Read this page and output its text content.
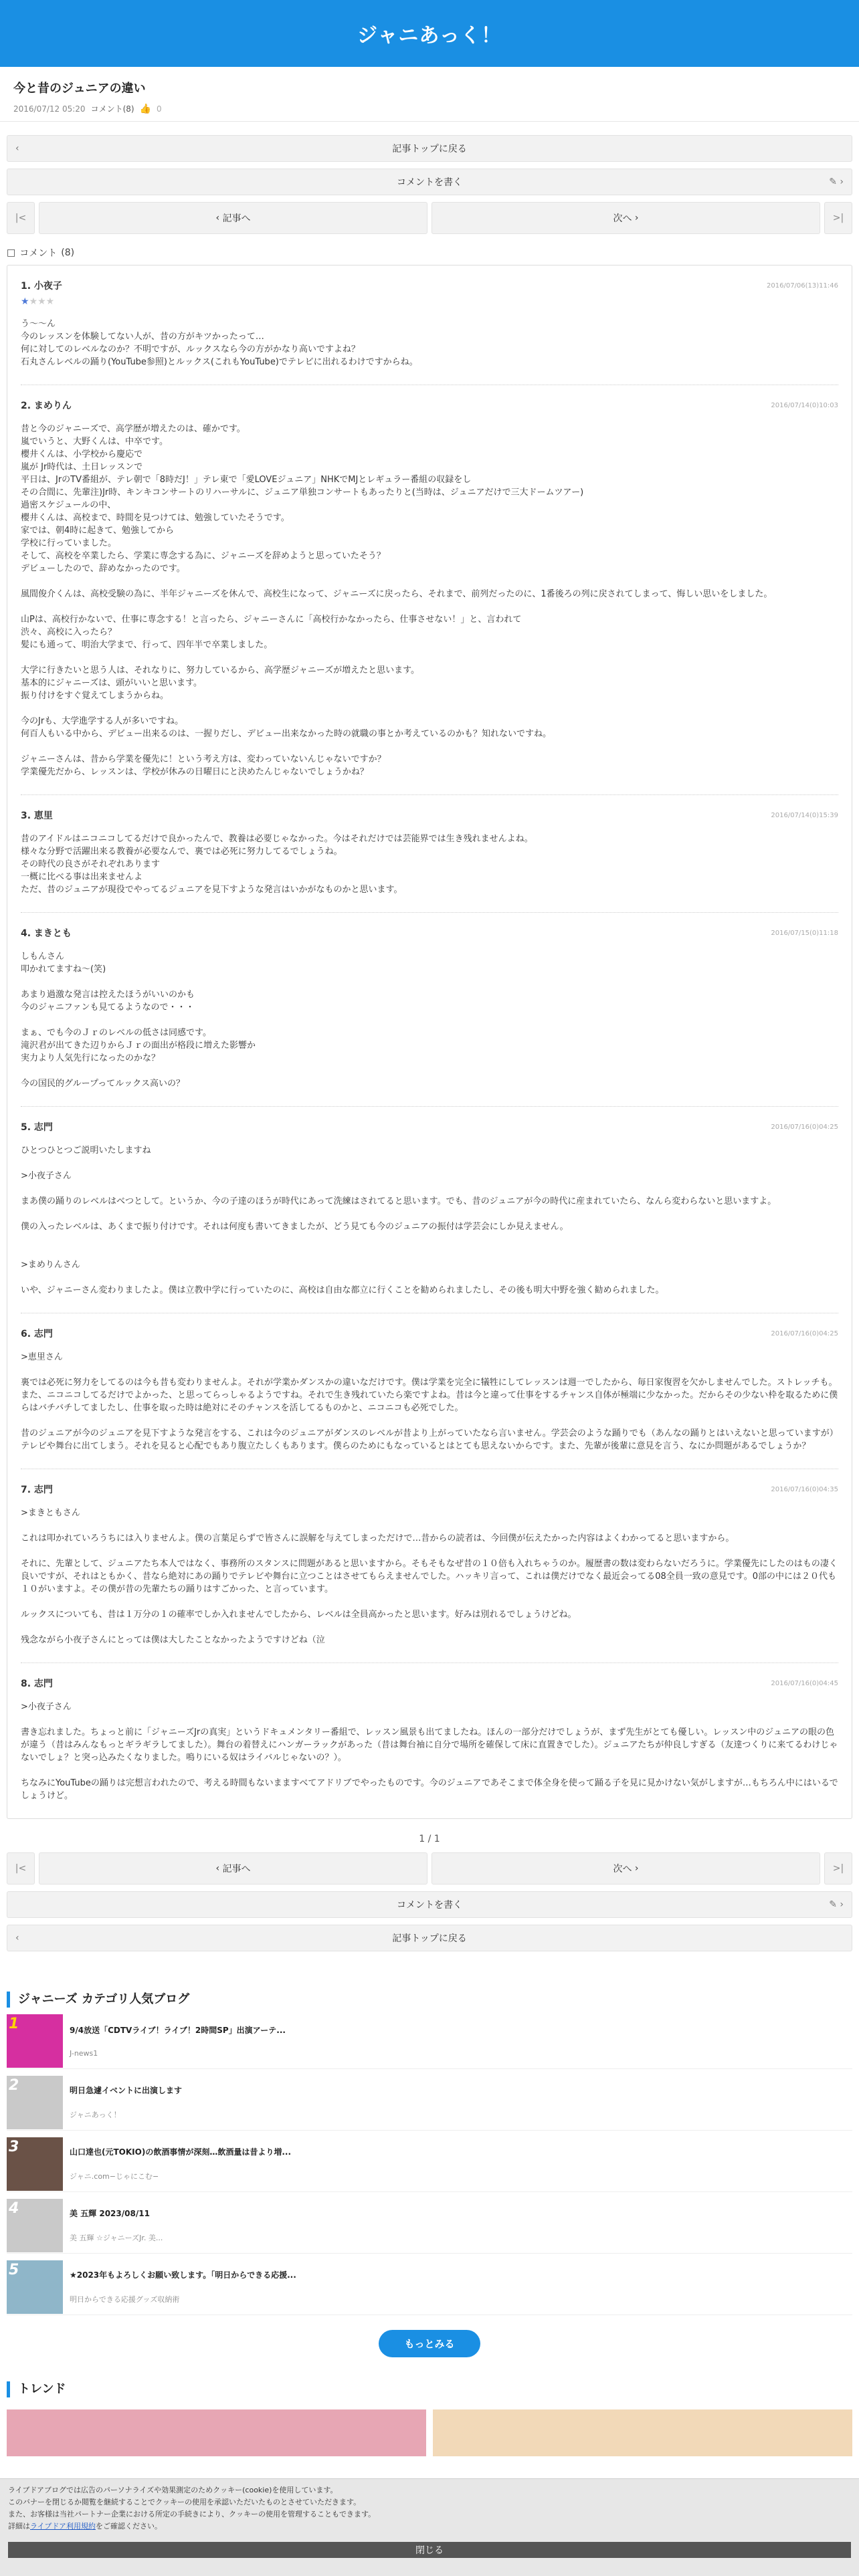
ジャニあっく！
今と昔のジュニアの違い
2016/07/12 05:20 コメント(8) 👍 0
‹	記事トップに戻る
コメントを書く	✎ ›
|<	‹ 記事へ	次へ ›	>|
□ コメント (8)
1. 小夜子	2016/07/06(13)11:46
★★★★
う〜〜ん
今のレッスンを体験してない人が、昔の方がキツかったって…
何に対してのレベルなのか？不明ですが、ルックスなら今の方がかなり高いですよね？
石丸さんレベルの踊り(YouTube参照)とルックス(これもYouTube)でテレビに出れるわけですからね。
2. まめりん	2016/07/14(0)10:03
昔と今のジャニーズで、高学歴が増えたのは、確かです。
嵐でいうと、大野くんは、中卒です。
櫻井くんは、小学校から慶応で
嵐が Jr時代は、土日レッスンで
平日は、JrのTV番組が、テレ朝で「8時だJ！」テレ東で「愛LOVEジュニア」NHKでMJとレギュラー番組の収録をし
その合間に、先輩注)Jr時、キンキコンサートのリハーサルに、ジュニア単独コンサートもあったりと(当時は、ジュニアだけで三大ドームツアー)
過密スケジュールの中、
櫻井くんは、高校まで、時間を見つけては、勉強していたそうです。
家では、朝4時に起きて、勉強してから
学校に行っていました。
そして、高校を卒業したら、学業に専念する為に、ジャニーズを辞めようと思っていたそう？
デビューしたので、辞めなかったのです。

風間俊介くんは、高校受験の為に、半年ジャニーズを休んで、高校生になって、ジャニーズに戻ったら、それまで、前列だったのに、1番後ろの列に戻されてしまって、悔しい思いをしました。

山Pは、高校行かないで、仕事に専念する！と言ったら、ジャニーさんに「高校行かなかったら、仕事させない！」と、言われて
渋々、高校に入ったら？
髪にも通って、明治大学まで、行って、四年半で卒業しました。

大学に行きたいと思う人は、それなりに、努力しているから、高学歴ジャニーズが増えたと思います。
基本的にジャニーズは、頭がいいと思います。
振り付けをすぐ覚えてしまうからね。

今のJrも、大学進学する人が多いですね。
何百人もいる中から、デビュー出来るのは、一握りだし、デビュー出来なかった時の就職の事とか考えているのかも？知れないですね。

ジャニーさんは、昔から学業を優先に！という考え方は、変わっていないんじゃないですか？
学業優先だから、レッスンは、学校が休みの日曜日にと決めたんじゃないでしょうかね？
3. 恵里	2016/07/14(0)15:39
昔のアイドルはニコニコしてるだけで良かったんで、教養は必要じゃなかった。今はそれだけでは芸能界では生き残れませんよね。
様々な分野で活躍出来る教養が必要なんで、裏では必死に努力してるでしょうね。
その時代の良さがそれぞれあります
一概に比べる事は出来ませんよ
ただ、昔のジュニアが現役でやってるジュニアを見下すような発言はいかがなものかと思います。
4. まきとも	2016/07/15(0)11:18
しもんさん
叩かれてますね〜(笑)

あまり過激な発言は控えたほうがいいのかも
今のジャニファンも見てるようなので・・・

まぁ、でも今のＪｒのレベルの低さは同感です。
滝沢君が出てきた辺りからＪｒの面出が格段に増えた影響か
実力より人気先行になったのかな？

今の国民的グループってルックス高いの？
5. 志門	2016/07/16(0)04:25
ひとつひとつご説明いたしますね

>小夜子さん

まあ僕の踊りのレベルはべつとして。というか、今の子達のほうが時代にあって洗練はされてると思います。でも、昔のジュニアが今の時代に産まれていたら、なんら変わらないと思いますよ。

僕の入ったレベルは、あくまで振り付けです。それは何度も書いてきましたが、どう見ても今のジュニアの振付は学芸会にしか見えません。

>まめりんさん

いや、ジャニーさん変わりましたよ。僕は立教中学に行っていたのに、高校は自由な都立に行くことを勧められましたし、その後も明大中野を強く勧められました。
6. 志門	2016/07/16(0)04:25
>恵里さん

裏では必死に努力をしてるのは今も昔も変わりませんよ。それが学業かダンスかの違いなだけです。僕は学業を完全に犠牲にしてレッスンは週一でしたから、毎日家復習を欠かしませんでした。ストレッチも。
また、ニコニコしてるだけでよかった、と思ってらっしゃるようですね。それで生き残れていたら楽ですよね。昔は今と違って仕事をするチャンス自体が極端に少なかった。だからその少ない枠を取るために僕らはバチバチしてましたし、仕事を取った時は絶対にそのチャンスを活してるものかと、ニコニコも必死でした。

昔のジュニアが今のジュニアを見下すような発言をする、これは今のジュニアがダンスのレベルが昔より上がっていたなら言いません。学芸会のような踊りでも（あんなの踊りとはいえないと思っていますが）テレビや舞台に出てしまう。それを見ると心配でもあり腹立たしくもあります。僕らのためにもなっているとはとても思えないからです。また、先輩が後輩に意見を言う、なにか問題があるでしょうか？
7. 志門	2016/07/16(0)04:35
>まきともさん

これは叩かれていろうちには入りませんよ。僕の言葉足らずで皆さんに誤解を与えてしまっただけで…昔からの読者は、今回僕が伝えたかった内容はよくわかってると思いますから。

それに、先輩として、ジュニアたち本人ではなく、事務所のスタンスに問題があると思いますから。そもそもなぜ昔の１０倍も入れちゃうのか。履歴書の数は変わらないだろうに。学業優先にしたのはもの凄く良いですが、それはともかく、昔なら絶対にあの踊りでテレビや舞台に立つことはさせてもらえませんでした。ハッキリ言って、これは僕だけでなく最近会ってる08全員一致の意見です。0部の中には２０代も１０がいますよ。その僕が昔の先輩たちの踊りはすごかった、と言っています。

ルックスについても、昔は１万分の１の確率でしか入れませんでしたから、レベルは全員高かったと思います。好みは別れるでしょうけどね。

残念ながら小夜子さんにとっては僕は大したことなかったようですけどね（泣
8. 志門	2016/07/16(0)04:45
>小夜子さん

書き忘れました。ちょっと前に「ジャニーズJrの真実」というドキュメンタリー番組で、レッスン風景も出てましたね。ほんの一部分だけでしょうが、まず先生がとても優しい。レッスン中のジュニアの眼の色が違う（昔はみんなもっとギラギラしてました）。舞台の着替えにハンガーラックがあった（昔は舞台袖に自分で場所を確保して床に直置きでした）。ジュニアたちが仲良しすぎる（友達つくりに来てるわけじゃないでしょ？と突っ込みたくなりました。鳴りにいる奴はライバルじゃないの？）。

ちなみにYouTubeの踊りは完想言われたので、考える時間もないまますべてアドリブでやったものです。今のジュニアであそこまで体全身を使って踊る子を見に見かけない気がしますが…もちろん中にはいるでしょうけど。
1 / 1
|<	‹ 記事へ	次へ ›	>|
コメントを書く	✎ ›
‹	記事トップに戻る
ジャニーズ カテゴリ人気ブログ
1	9/4放送「CDTVライブ！ライブ！2時間SP」出演アーテ...
J-news1
2	明日急遽イベントに出演します
ジャニあっく！
3	山口達也(元TOKIO)の飲酒事情が深刻…飲酒量は昔より増...
ジャニ.com−じゃにこむ−
4	美 五輝 2023/08/11
美 五輝 ☆ジャニーズJr. 美...
5	★2023年もよろしくお願い致します。「明日からできる応援...
明日からできる応援グッズ収納術
もっとみる
トレンド
ライブドアブログでは広告のパーソナライズや効果測定のためクッキー(cookie)を使用しています。
このバナーを閉じるか閲覧を継続することでクッキーの使用を承認いただいたものとさせていただきます。
また、お客様は当社パートナー企業における所定の手続きにより、クッキーの使用を管理することもできます。
詳細はライブドア利用規約をご確認ください。
閉じる
